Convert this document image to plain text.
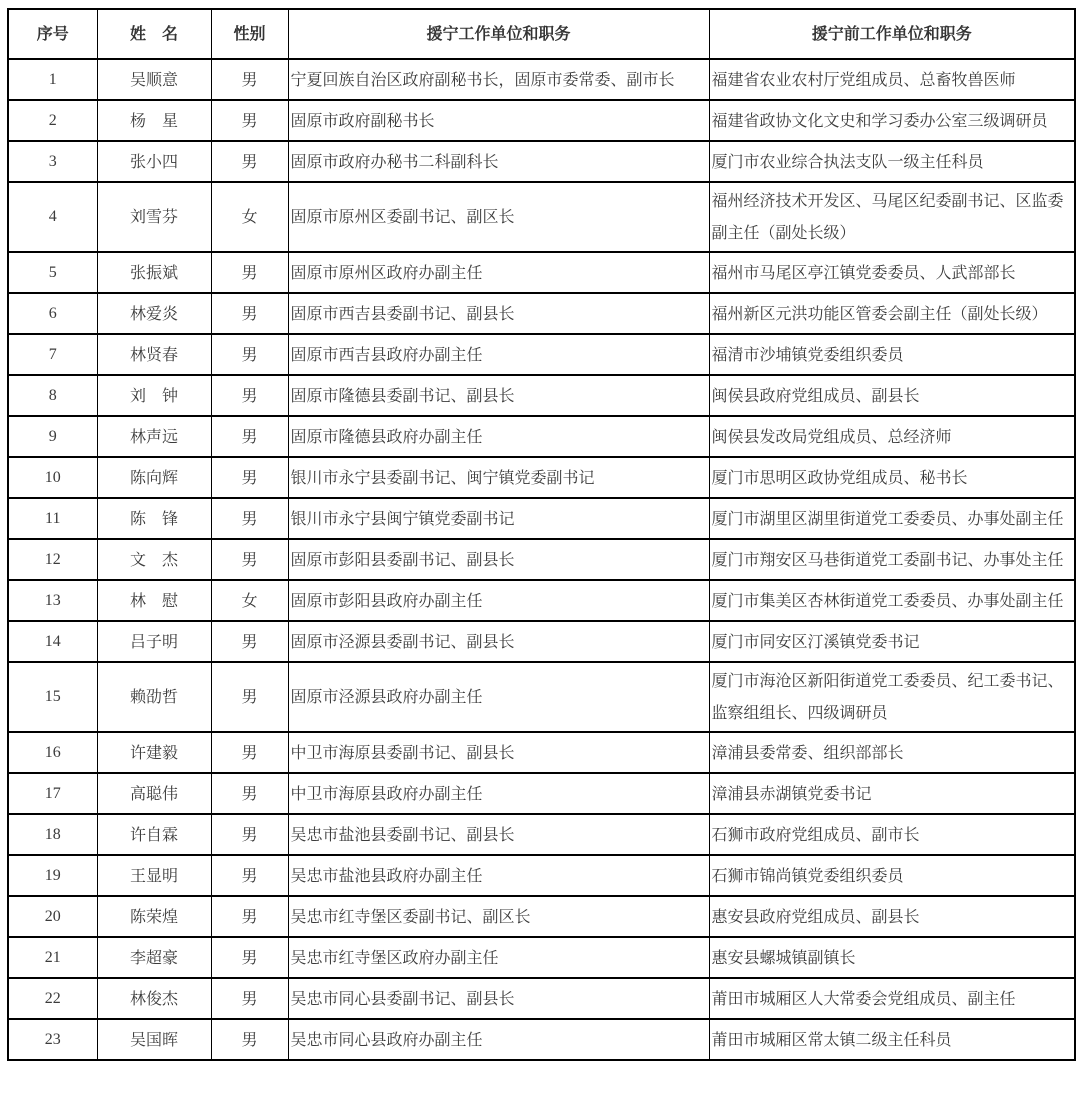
序号	姓　名	性别	援宁工作单位和职务	援宁前工作单位和职务
1	吴顺意	男	宁夏回族自治区政府副秘书长，固原市委常委、副市长	福建省农业农村厅党组成员、总畜牧兽医师
2	杨　星	男	固原市政府副秘书长	福建省政协文化文史和学习委办公室三级调研员
3	张小四	男	固原市政府办秘书二科副科长	厦门市农业综合执法支队一级主任科员
4	刘雪芬	女	固原市原州区委副书记、副区长	福州经济技术开发区、马尾区纪委副书记、区监委副主任（副处长级）
5	张振斌	男	固原市原州区政府办副主任	福州市马尾区亭江镇党委委员、人武部部长
6	林爱炎	男	固原市西吉县委副书记、副县长	福州新区元洪功能区管委会副主任（副处长级）
7	林贤春	男	固原市西吉县政府办副主任	福清市沙埔镇党委组织委员
8	刘　钟	男	固原市隆德县委副书记、副县长	闽侯县政府党组成员、副县长
9	林声远	男	固原市隆德县政府办副主任	闽侯县发改局党组成员、总经济师
10	陈向辉	男	银川市永宁县委副书记、闽宁镇党委副书记	厦门市思明区政协党组成员、秘书长
11	陈　锋	男	银川市永宁县闽宁镇党委副书记	厦门市湖里区湖里街道党工委委员、办事处副主任
12	文　杰	男	固原市彭阳县委副书记、副县长	厦门市翔安区马巷街道党工委副书记、办事处主任
13	林　慰	女	固原市彭阳县政府办副主任	厦门市集美区杏林街道党工委委员、办事处副主任
14	吕子明	男	固原市泾源县委副书记、副县长	厦门市同安区汀溪镇党委书记
15	赖劭哲	男	固原市泾源县政府办副主任	厦门市海沧区新阳街道党工委委员、纪工委书记、监察组组长、四级调研员
16	许建毅	男	中卫市海原县委副书记、副县长	漳浦县委常委、组织部部长
17	高聪伟	男	中卫市海原县政府办副主任	漳浦县赤湖镇党委书记
18	许自霖	男	吴忠市盐池县委副书记、副县长	石狮市政府党组成员、副市长
19	王显明	男	吴忠市盐池县政府办副主任	石狮市锦尚镇党委组织委员
20	陈荣煌	男	吴忠市红寺堡区委副书记、副区长	惠安县政府党组成员、副县长
21	李超豪	男	吴忠市红寺堡区政府办副主任	惠安县螺城镇副镇长
22	林俊杰	男	吴忠市同心县委副书记、副县长	莆田市城厢区人大常委会党组成员、副主任
23	吴国晖	男	吴忠市同心县政府办副主任	莆田市城厢区常太镇二级主任科员
